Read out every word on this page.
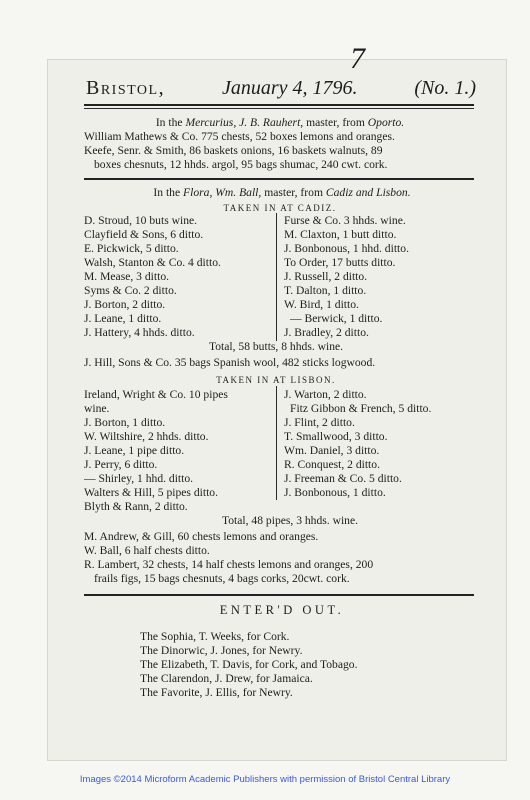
7
Bristol,	January 4, 1796.	(No. 1.)
In the Mercurius, J. B. Rauhert, master, from Oporto.
William Mathews & Co. 775 chests, 52 boxes lemons and oranges.
Keefe, Senr. & Smith, 86 baskets onions, 16 baskets walnuts, 89
boxes chesnuts, 12 hhds. argol, 95 bags shumac, 240 cwt. cork.
In the Flora, Wm. Ball, master, from Cadiz and Lisbon.
TAKEN IN AT CADIZ.
D. Stroud, 10 buts wine.
Clayfield & Sons, 6 ditto.
E. Pickwick, 5 ditto.
Walsh, Stanton & Co. 4 ditto.
M. Mease, 3 ditto.
Syms & Co. 2 ditto.
J. Borton, 2 ditto.
J. Leane, 1 ditto.
J. Hattery, 4 hhds. ditto.
Furse & Co. 3 hhds. wine.
M. Claxton, 1 butt ditto.
J. Bonbonous, 1 hhd. ditto.
To Order, 17 butts ditto.
J. Russell, 2 ditto.
T. Dalton, 1 ditto.
W. Bird, 1 ditto.
— Berwick, 1 ditto.
J. Bradley, 2 ditto.
Total, 58 butts, 8 hhds. wine.
J. Hill, Sons & Co. 35 bags Spanish wool, 482 sticks logwood.
TAKEN IN AT LISBON.
Ireland, Wright & Co. 10 pipes
wine.
J. Borton, 1 ditto.
W. Wiltshire, 2 hhds. ditto.
J. Leane, 1 pipe ditto.
J. Perry, 6 ditto.
— Shirley, 1 hhd. ditto.
Walters & Hill, 5 pipes ditto.
Blyth & Rann, 2 ditto.
J. Warton, 2 ditto.
Fitz Gibbon & French, 5 ditto.
J. Flint, 2 ditto.
T. Smallwood, 3 ditto.
Wm. Daniel, 3 ditto.
R. Conquest, 2 ditto.
J. Freeman & Co. 5 ditto.
J. Bonbonous, 1 ditto.
Total, 48 pipes, 3 hhds. wine.
M. Andrew, & Gill, 60 chests lemons and oranges.
W. Ball, 6 half chests ditto.
R. Lambert, 32 chests, 14 half chests lemons and oranges, 200
frails figs, 15 bags chesnuts, 4 bags corks, 20cwt. cork.
ENTER'D OUT.
The Sophia, T. Weeks, for Cork.
The Dinorwic, J. Jones, for Newry.
The Elizabeth, T. Davis, for Cork, and Tobago.
The Clarendon, J. Drew, for Jamaica.
The Favorite, J. Ellis, for Newry.
Images ©2014 Microform Academic Publishers with permission of Bristol Central Library
